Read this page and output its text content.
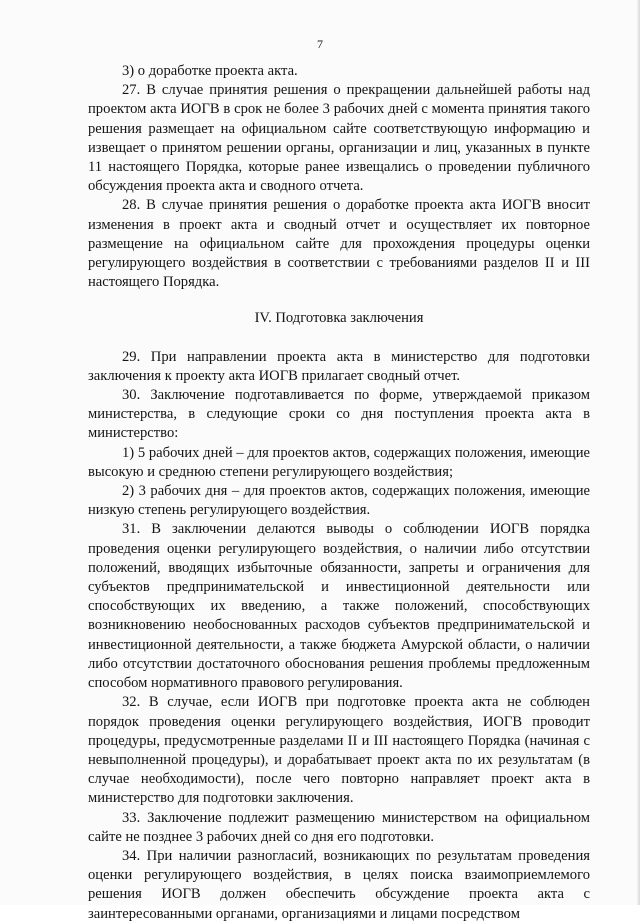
7

3) о доработке проекта акта.

27. В случае принятия решения о прекращении дальнейшей работы над проектом акта ИОГВ в срок не более 3 рабочих дней с момента принятия такого решения размещает на официальном сайте соответствующую информацию и извещает о принятом решении органы, организации и лиц, указанных в пункте 11 настоящего Порядка, которые ранее извещались о проведении публичного обсуждения проекта акта и сводного отчета.

28. В случае принятия решения о доработке проекта акта ИОГВ вносит изменения в проект акта и сводный отчет и осуществляет их повторное размещение на официальном сайте для прохождения процедуры оценки регулирующего воздействия в соответствии с требованиями разделов II и III настоящего Порядка.

IV. Подготовка заключения

29. При направлении проекта акта в министерство для подготовки заключения к проекту акта ИОГВ прилагает сводный отчет.

30. Заключение подготавливается по форме, утверждаемой приказом министерства, в следующие сроки со дня поступления проекта акта в министерство:

1) 5 рабочих дней – для проектов актов, содержащих положения, имеющие высокую и среднюю степени регулирующего воздействия;

2) 3 рабочих дня – для проектов актов, содержащих положения, имеющие низкую степень регулирующего воздействия.

31. В заключении делаются выводы о соблюдении ИОГВ порядка проведения оценки регулирующего воздействия, о наличии либо отсутствии положений, вводящих избыточные обязанности, запреты и ограничения для субъектов предпринимательской и инвестиционной деятельности или способствующих их введению, а также положений, способствующих возникновению необоснованных расходов субъектов предпринимательской и инвестиционной деятельности, а также бюджета Амурской области, о наличии либо отсутствии достаточного обоснования решения проблемы предложенным способом нормативного правового регулирования.

32. В случае, если ИОГВ при подготовке проекта акта не соблюден порядок проведения оценки регулирующего воздействия, ИОГВ проводит процедуры, предусмотренные разделами II и III настоящего Порядка (начиная с невыполненной процедуры), и дорабатывает проект акта по их результатам (в случае необходимости), после чего повторно направляет проект акта в министерство для подготовки заключения.

33. Заключение подлежит размещению министерством на официальном сайте не позднее 3 рабочих дней со дня его подготовки.

34. При наличии разногласий, возникающих по результатам проведения оценки регулирующего воздействия, в целях поиска взаимоприемлемого решения ИОГВ должен обеспечить обсуждение проекта акта с заинтересованными органами, организациями и лицами посредством
